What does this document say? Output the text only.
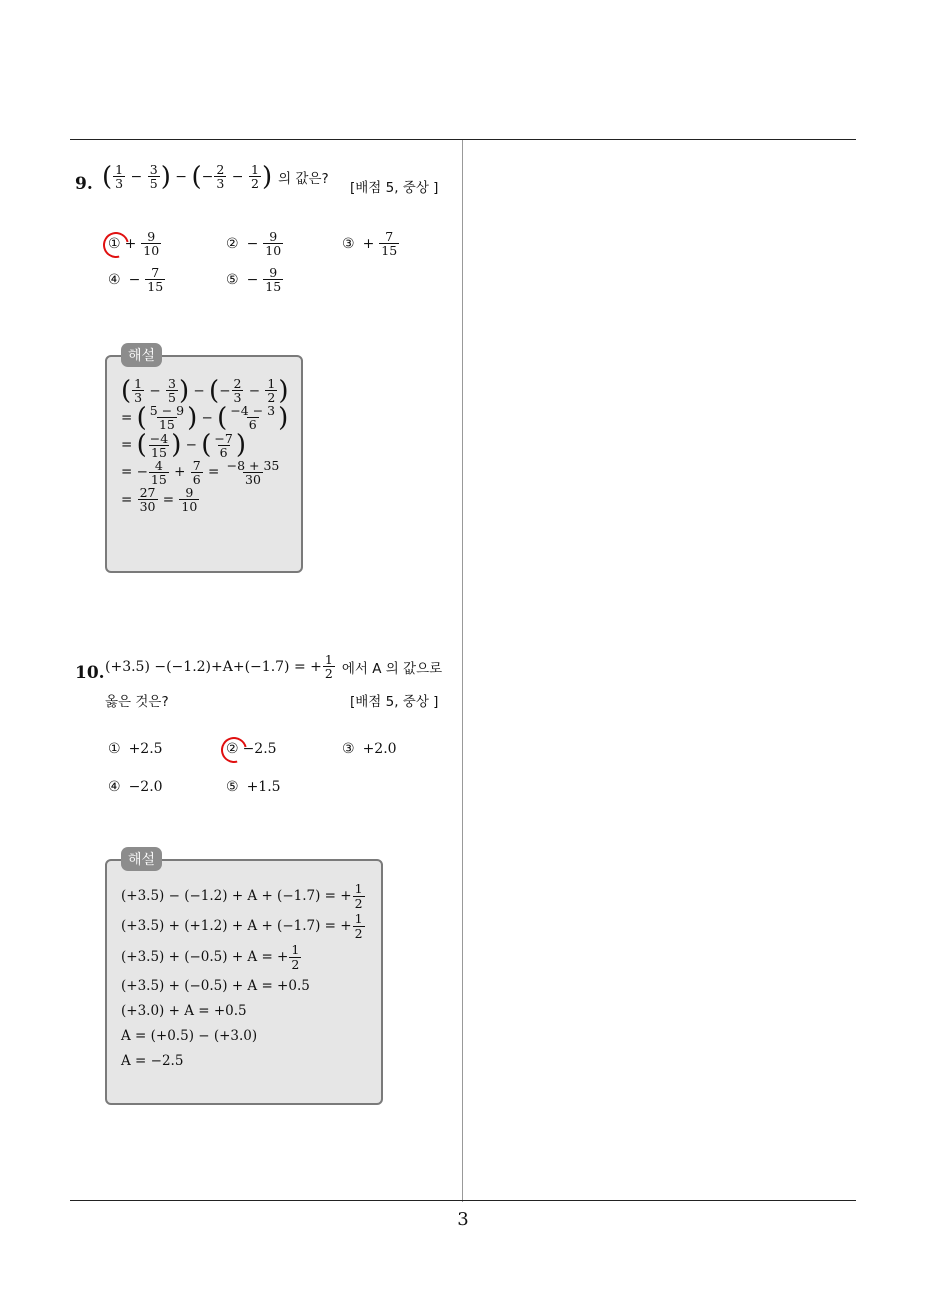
3
9. ( $\frac{1}{3} - \frac{3}{5}$ ) − ( − $\frac{2}{3} - \frac{1}{2}$ ) 의 값은?
[배점 5, 중상 ]
① + $\frac{9}{10}$	② − $\frac{9}{10}$	③ + $\frac{7}{15}$
④ − $\frac{7}{15}$	⑤ − $\frac{9}{15}$
해설
( $\frac{1}{3} - \frac{3}{5}$ ) − ( − $\frac{2}{3} - \frac{1}{2}$ )
= ( $\frac{5 - 9}{15}$ ) − ( $\frac{-4 - 3}{6}$ )
= ( $\frac{-4}{15}$ ) − ( $\frac{-7}{6}$ )
= − $\frac{4}{15} + \frac{7}{6} = \frac{-8 + 35}{30}$
= $\frac{27}{30} = \frac{9}{10}$
10. (+3.5) −(−1.2)+A+(−1.7) = + $\frac{1}{2}$ 에서 A 의 값으로
옳은 것은?	[배점 5, 중상 ]
① +2.5	② −2.5	③ +2.0
④ −2.0	⑤ +1.5
해설
(+3.5) − (−1.2) + A + (−1.7) = + $\frac{1}{2}$
(+3.5) + (+1.2) + A + (−1.7) = + $\frac{1}{2}$
(+3.5) + (−0.5) + A = + $\frac{1}{2}$
(+3.5) + (−0.5) + A = +0.5
(+3.0) + A = +0.5
A = (+0.5) − (+3.0)
A = −2.5
